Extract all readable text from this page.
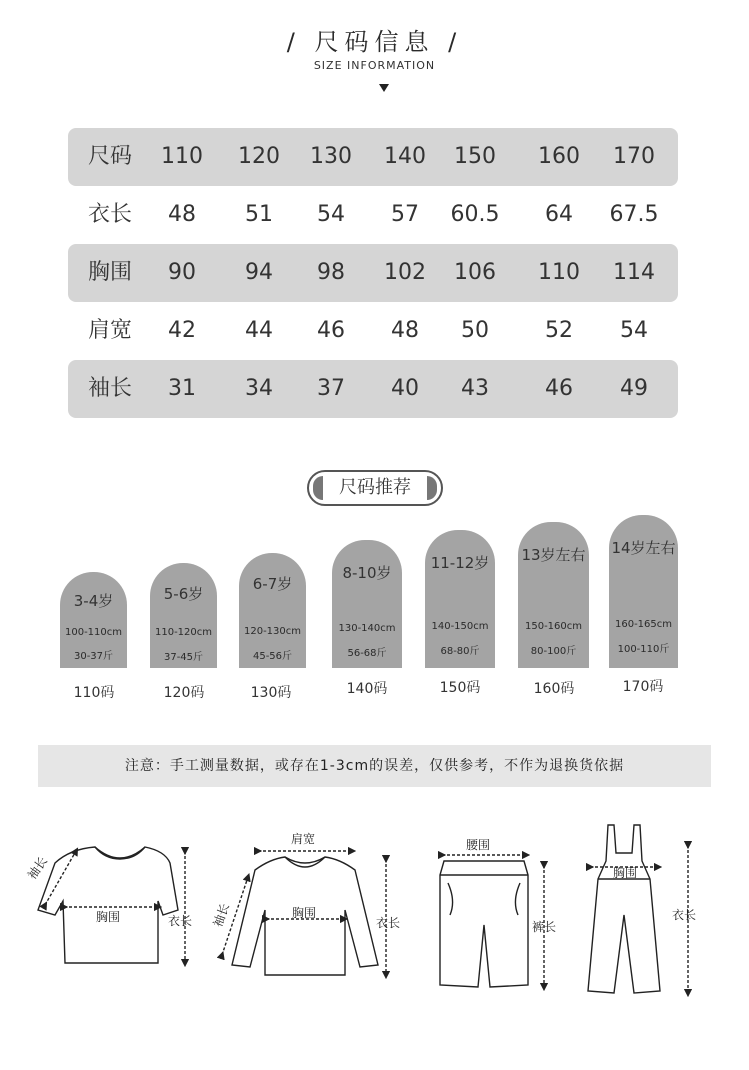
/ 尺码信息 /
SIZE INFORMATION
尺码 110 120 130 140 150 160 170
衣长 48 51 54 57 60.5 64 67.5
胸围 90 94 98 102 106 110 114
肩宽 42 44 46 48 50	52 54
袖长 31 34 37 40 43	46 49
尺码推荐
3-4岁
100-110cm
30-37斤
110码
5-6岁
110-120cm
37-45斤
120码
6-7岁
120-130cm
45-56斤
130码
8-10岁
130-140cm
56-68斤
140码
11-12岁
140-150cm
68-80斤
150码
13岁左右
150-160cm
80-100斤
160码
14岁左右
160-165cm
100-110斤
170码
注意：手工测量数据，或存在1-3cm的误差，仅供参考，不作为退换货依据
袖长
胸围	衣长
肩宽
袖长	胸围
衣长
腰围
裤长
胸围
衣长
